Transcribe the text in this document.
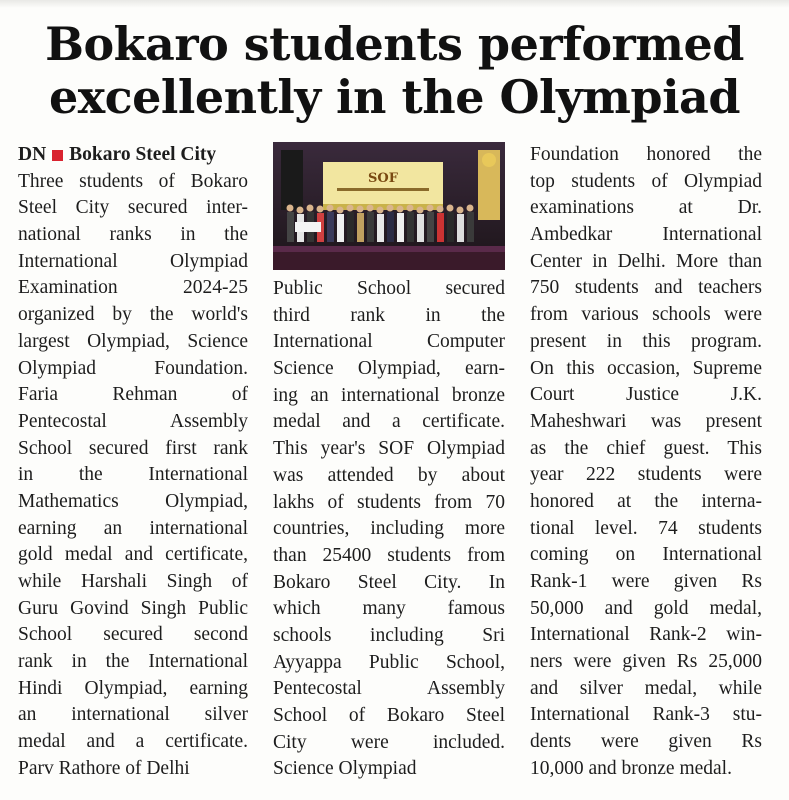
Bokaro students performed
excellently in the Olympiad
DN Bokaro Steel City
Three students of Bokaro
Steel City secured inter-
national ranks in the
International Olympiad
Examination 2024-25
organized by the world's
largest Olympiad, Science
Olympiad Foundation.
Faria Rehman of
Pentecostal Assembly
School secured first rank
in the International
Mathematics Olympiad,
earning an international
gold medal and certificate,
while Harshali Singh of
Guru Govind Singh Public
School secured second
rank in the International
Hindi Olympiad, earning
an international silver
medal and a certificate.
Parv Rathore of Delhi
SOF
Public School secured
third rank in the
International Computer
Science Olympiad, earn-
ing an international bronze
medal and a certificate.
This year's SOF Olympiad
was attended by about
lakhs of students from 70
countries, including more
than 25400 students from
Bokaro Steel City. In
which many famous
schools including Sri
Ayyappa Public School,
Pentecostal Assembly
School of Bokaro Steel
City were included.
Science Olympiad
Foundation honored the
top students of Olympiad
examinations at Dr.
Ambedkar International
Center in Delhi. More than
750 students and teachers
from various schools were
present in this program.
On this occasion, Supreme
Court Justice J.K.
Maheshwari was present
as the chief guest. This
year 222 students were
honored at the interna-
tional level. 74 students
coming on International
Rank-1 were given Rs
50,000 and gold medal,
International Rank-2 win-
ners were given Rs 25,000
and silver medal, while
International Rank-3 stu-
dents were given Rs
10,000 and bronze medal.
